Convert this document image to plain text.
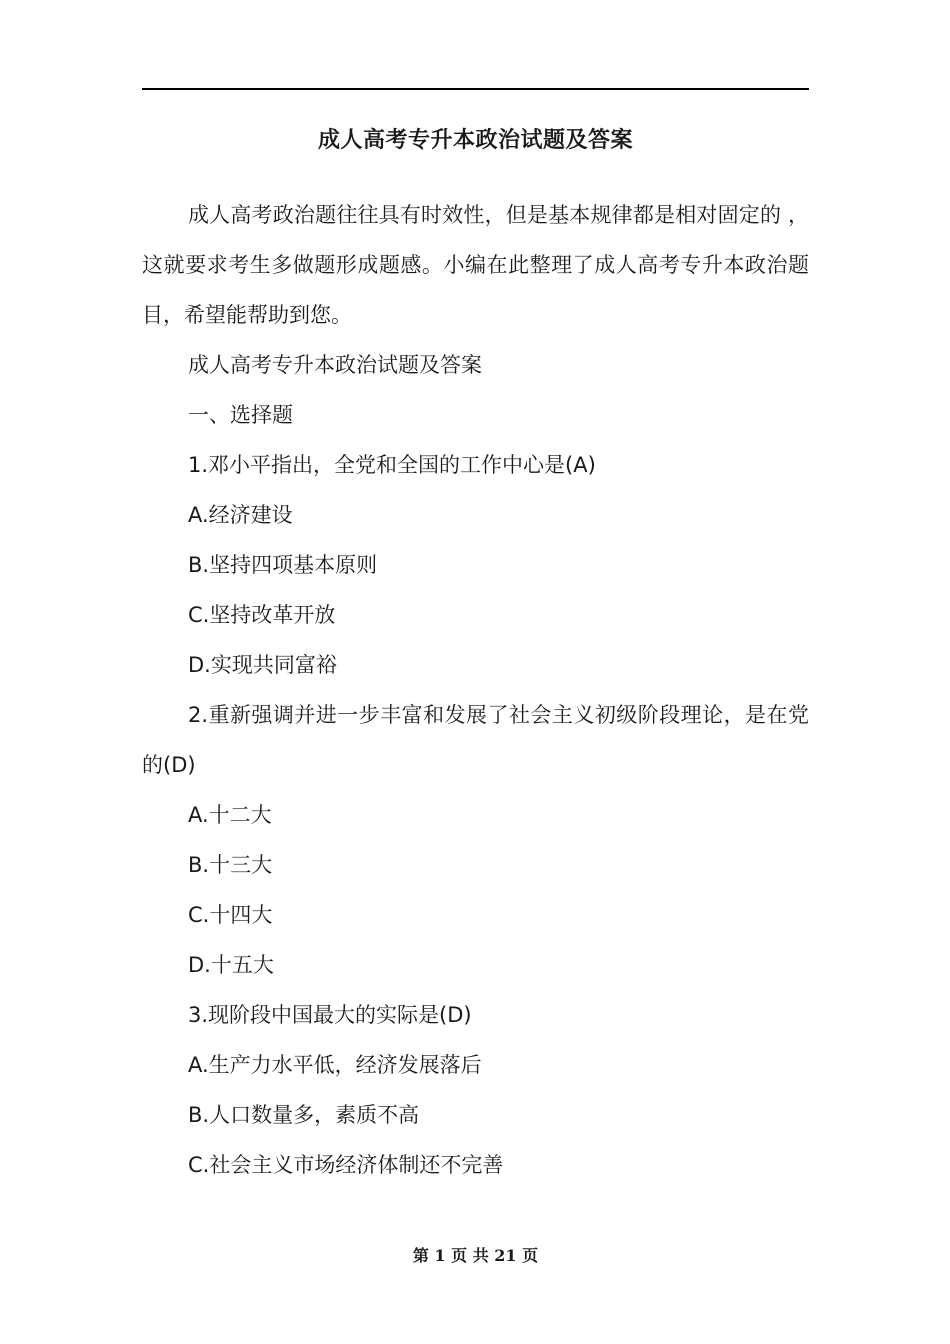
成人高考专升本政治试题及答案

成人高考政治题往往具有时效性，但是基本规律都是相对固定的 ，这就要求考生多做题形成题感。小编在此整理了成人高考专升本政治题目，希望能帮助到您。

成人高考专升本政治试题及答案

一、选择题

1.邓小平指出，全党和全国的工作中心是(A)

A.经济建设

B.坚持四项基本原则

C.坚持改革开放

D.实现共同富裕

2.重新强调并进一步丰富和发展了社会主义初级阶段理论，是在党的(D)

A.十二大

B.十三大

C.十四大

D.十五大

3.现阶段中国最大的实际是(D)

A.生产力水平低，经济发展落后

B.人口数量多，素质不高

C.社会主义市场经济体制还不完善

第 1 页 共 21 页
